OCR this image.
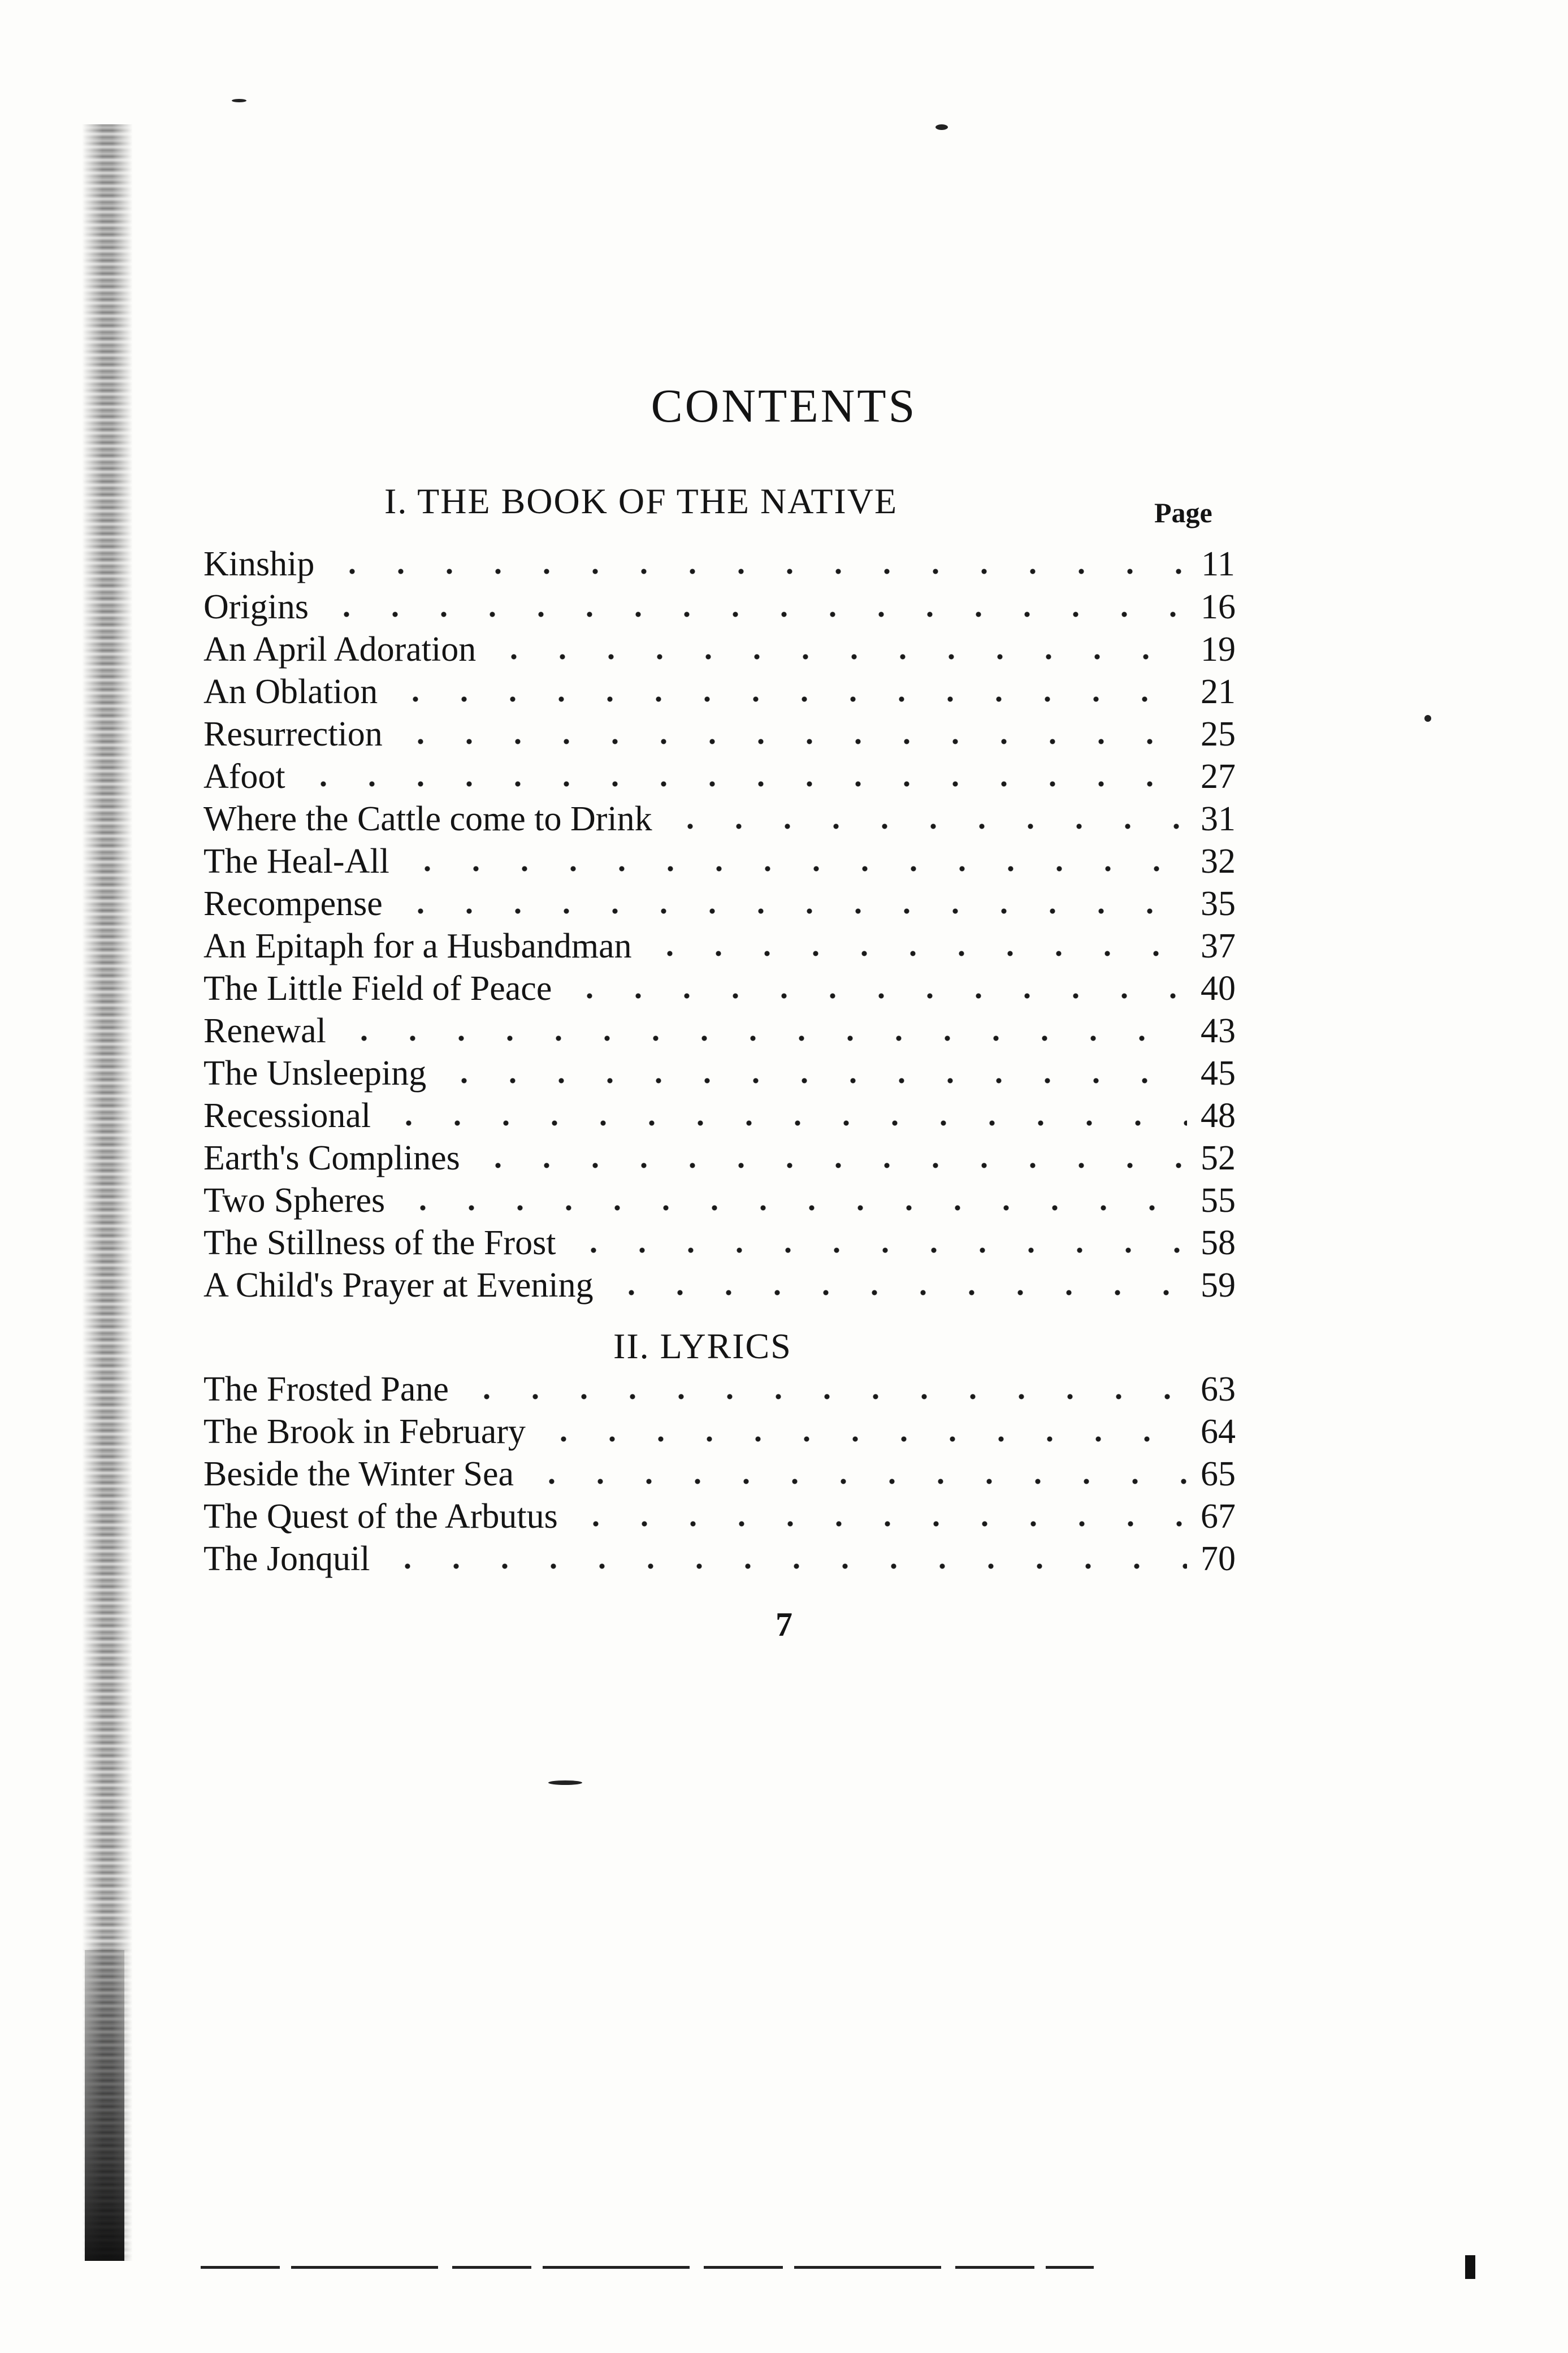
CONTENTS
I. THE BOOK OF THE NATIVE	Page
Kinship	11
Origins	16
An April Adoration	19
An Oblation	21
Resurrection	25
Afoot	27
Where the Cattle come to Drink	31
The Heal-All	32
Recompense	35
An Epitaph for a Husbandman	37
The Little Field of Peace	40
Renewal	43
The Unsleeping	45
Recessional	48
Earth's Complines	52
Two Spheres	55
The Stillness of the Frost	58
A Child's Prayer at Evening	59
II. LYRICS
The Frosted Pane	63
The Brook in February	64
Beside the Winter Sea	65
The Quest of the Arbutus	67
The Jonquil	70
7
